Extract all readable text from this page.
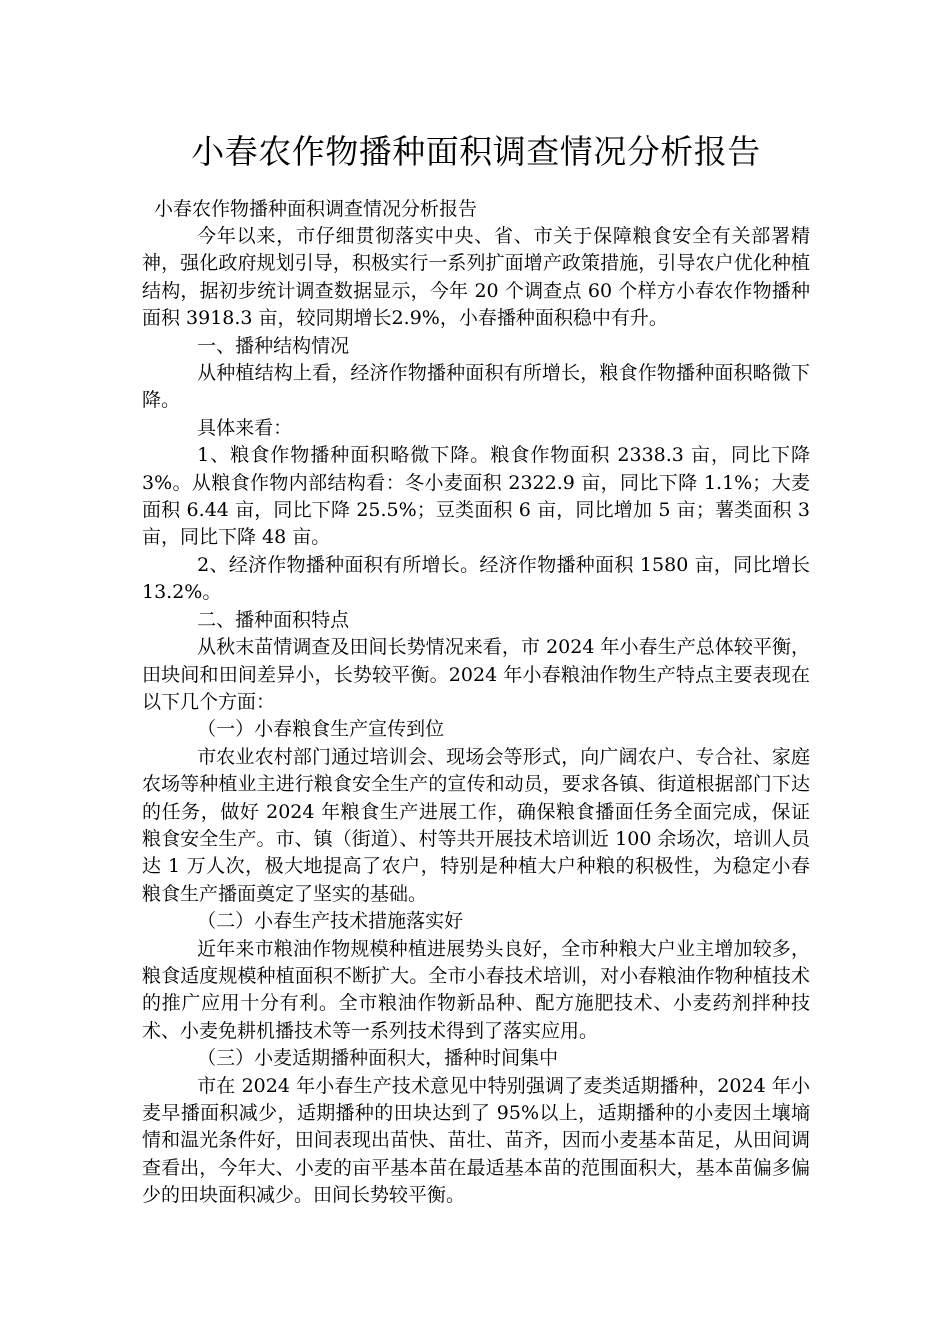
小春农作物播种面积调查情况分析报告

小春农作物播种面积调查情况分析报告

今年以来，市仔细贯彻落实中央、省、市关于保障粮食安全有关部署精神，强化政府规划引导，积极实行一系列扩面增产政策措施，引导农户优化种植结构，据初步统计调查数据显示，今年 20 个调查点 60 个样方小春农作物播种面积 3918.3 亩，较同期增长2.9%，小春播种面积稳中有升。

一、播种结构情况

从种植结构上看，经济作物播种面积有所增长，粮食作物播种面积略微下降。

具体来看：

1、粮食作物播种面积略微下降。粮食作物面积 2338.3 亩，同比下降 3%。从粮食作物内部结构看：冬小麦面积 2322.9 亩，同比下降 1.1%；大麦面积 6.44 亩，同比下降 25.5%；豆类面积 6 亩，同比增加 5 亩；薯类面积 3 亩，同比下降 48 亩。

2、经济作物播种面积有所增长。经济作物播种面积 1580 亩，同比增长 13.2%。

二、播种面积特点

从秋末苗情调查及田间长势情况来看，市 2024 年小春生产总体较平衡，田块间和田间差异小，长势较平衡。2024 年小春粮油作物生产特点主要表现在以下几个方面：

（一）小春粮食生产宣传到位

市农业农村部门通过培训会、现场会等形式，向广阔农户、专合社、家庭农场等种植业主进行粮食安全生产的宣传和动员，要求各镇、街道根据部门下达的任务，做好 2024 年粮食生产进展工作，确保粮食播面任务全面完成，保证粮食安全生产。市、镇（街道）、村等共开展技术培训近 100 余场次，培训人员达 1 万人次，极大地提高了农户，特别是种植大户种粮的积极性，为稳定小春粮食生产播面奠定了坚实的基础。

（二）小春生产技术措施落实好

近年来市粮油作物规模种植进展势头良好，全市种粮大户业主增加较多，粮食适度规模种植面积不断扩大。全市小春技术培训，对小春粮油作物种植技术的推广应用十分有利。全市粮油作物新品种、配方施肥技术、小麦药剂拌种技术、小麦免耕机播技术等一系列技术得到了落实应用。

（三）小麦适期播种面积大，播种时间集中

市在 2024 年小春生产技术意见中特别强调了麦类适期播种，2024 年小麦早播面积减少，适期播种的田块达到了 95%以上，适期播种的小麦因土壤墒情和温光条件好，田间表现出苗快、苗壮、苗齐，因而小麦基本苗足，从田间调查看出，今年大、小麦的亩平基本苗在最适基本苗的范围面积大，基本苗偏多偏少的田块面积减少。田间长势较平衡。
